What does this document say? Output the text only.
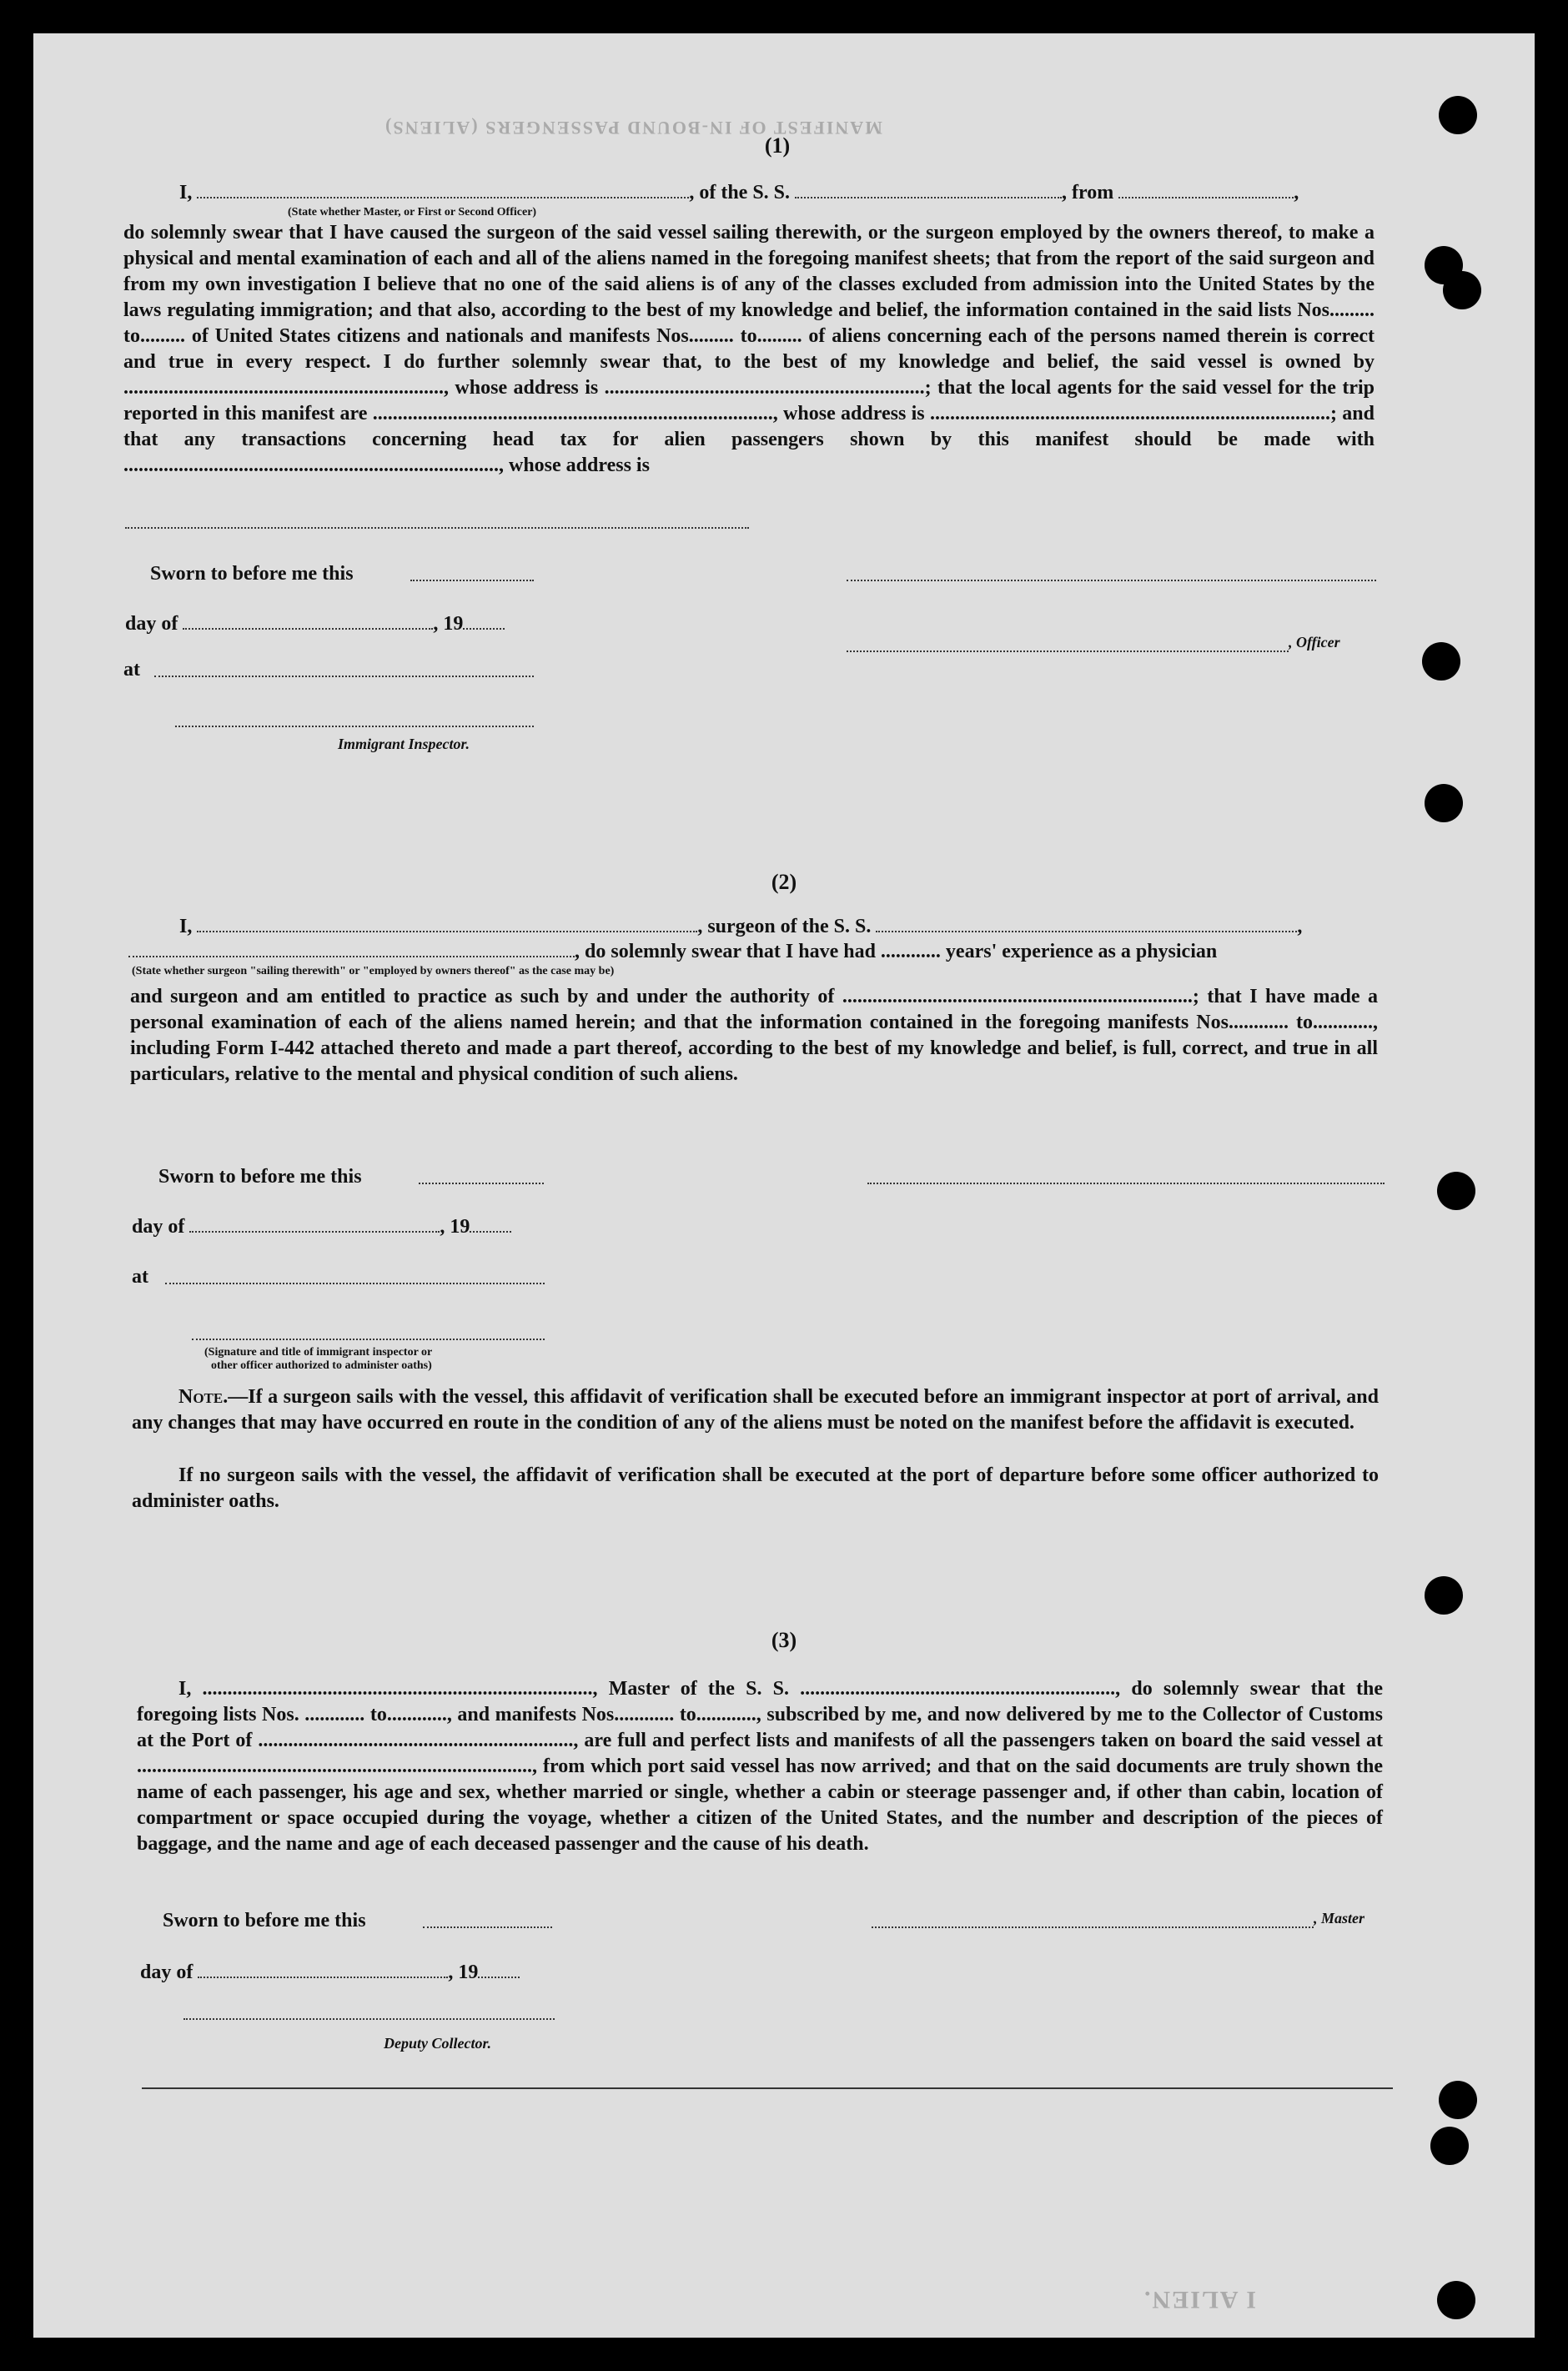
MANIFEST OF IN-BOUND PASSENGERS (ALIENS)
(1)
I,	, of the S. S.	, from	,
(State whether Master, or First or Second Officer)
do solemnly swear that I have caused the surgeon of the said vessel sailing therewith, or the surgeon employed by the owners thereof, to make a physical and mental examination of each and all of the aliens named in the foregoing manifest sheets; that from the report of the said surgeon and from my own investigation I believe that no one of the said aliens is of any of the classes excluded from admission into the United States by the laws regulating immigration; and that also, according to the best of my knowledge and belief, the information contained in the said lists Nos......... to......... of United States citizens and nationals and manifests Nos......... to......... of aliens concerning each of the persons named therein is correct and true in every respect. I do further solemnly swear that, to the best of my knowledge and belief, the said vessel is owned by ................................................................, whose address is ................................................................; that the local agents for the said vessel for the trip reported in this manifest are ................................................................................, whose address is ................................................................................; and that any transactions concerning head tax for alien passengers shown by this manifest should be made with ..........................................................................., whose address is
Sworn to before me this
day of	, 19
, Officer
at
Immigrant Inspector.
(2)
I,	, surgeon of the S. S.	,
, do solemnly swear that I have had ............ years' experience as a physician
(State whether surgeon "sailing therewith" or "employed by owners thereof" as the case may be)
and surgeon and am entitled to practice as such by and under the authority of ......................................................................; that I have made a personal examination of each of the aliens named herein; and that the information contained in the foregoing manifests Nos............ to............, including Form I-442 attached thereto and made a part thereof, according to the best of my knowledge and belief, is full, correct, and true in all particulars, relative to the mental and physical condition of such aliens.
Sworn to before me this
day of	, 19
at
(Signature and title of immigrant inspector or
other officer authorized to administer oaths)
Note.—If a surgeon sails with the vessel, this affidavit of verification shall be executed before an immigrant inspector at port of arrival, and any changes that may have occurred en route in the condition of any of the aliens must be noted on the manifest before the affidavit is executed.
If no surgeon sails with the vessel, the affidavit of verification shall be executed at the port of departure before some officer authorized to administer oaths.
(3)
I, .............................................................................., Master of the S. S. ..............................................................., do solemnly swear that the foregoing lists Nos. ............ to............, and manifests Nos............ to............, subscribed by me, and now delivered by me to the Collector of Customs at the Port of ..............................................................., are full and perfect lists and manifests of all the passengers taken on board the said vessel at ..............................................................................., from which port said vessel has now arrived; and that on the said documents are truly shown the name of each passenger, his age and sex, whether married or single, whether a cabin or steerage passenger and, if other than cabin, location of compartment or space occupied during the voyage, whether a citizen of the United States, and the number and description of the pieces of baggage, and the name and age of each deceased passenger and the cause of his death.
Sworn to before me this	, Master
day of	, 19
Deputy Collector.
I ALIEN.
